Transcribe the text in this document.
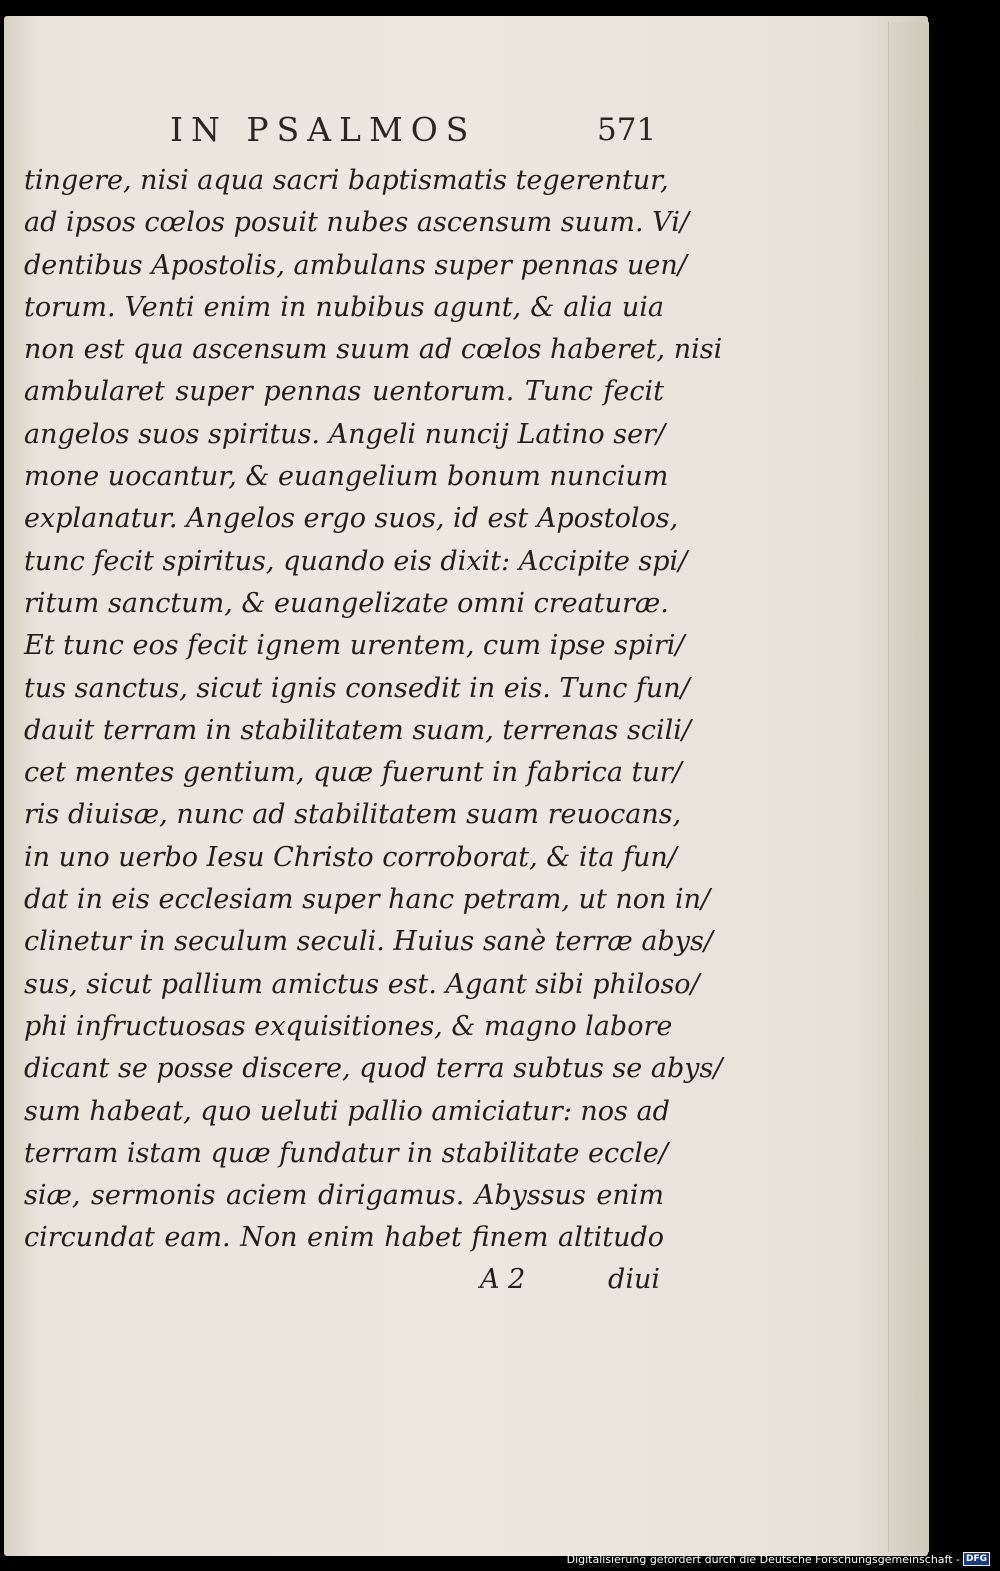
IN PSALMOS	571
tingere, nisi aqua sacri baptismatis tegerentur,
ad ipsos cœlos posuit nubes ascensum suum. Vi/
dentibus Apostolis, ambulans super pennas uen/
torum. Venti enim in nubibus agunt, & alia uia
non est qua ascensum suum ad cœlos haberet, nisi
ambularet super pennas uentorum. Tunc fecit
angelos suos spiritus. Angeli nuncij Latino ser/
mone uocantur, & euangelium bonum nuncium
explanatur. Angelos ergo suos, id est Apostolos,
tunc fecit spiritus, quando eis dixit: Accipite spi/
ritum sanctum, & euangelizate omni creaturæ.
Et tunc eos fecit ignem urentem, cum ipse spiri/
tus sanctus, sicut ignis consedit in eis. Tunc fun/
dauit terram in stabilitatem suam, terrenas scili/
cet mentes gentium, quæ fuerunt in fabrica tur/
ris diuisæ, nunc ad stabilitatem suam reuocans,
in uno uerbo Iesu Christo corroborat, & ita fun/
dat in eis ecclesiam super hanc petram, ut non in/
clinetur in seculum seculi. Huius sanè terræ abys/
sus, sicut pallium amictus est. Agant sibi philoso/
phi infructuosas exquisitiones, & magno labore
dicant se posse discere, quod terra subtus se abys/
sum habeat, quo ueluti pallio amiciatur: nos ad
terram istam quæ fundatur in stabilitate eccle/
siæ, sermonis aciem dirigamus. Abyssus enim
circundat eam. Non enim habet finem altitudo
A 2	diui
Digitalisierung gefördert durch die Deutsche Forschungsgemeinschaft - DFG
